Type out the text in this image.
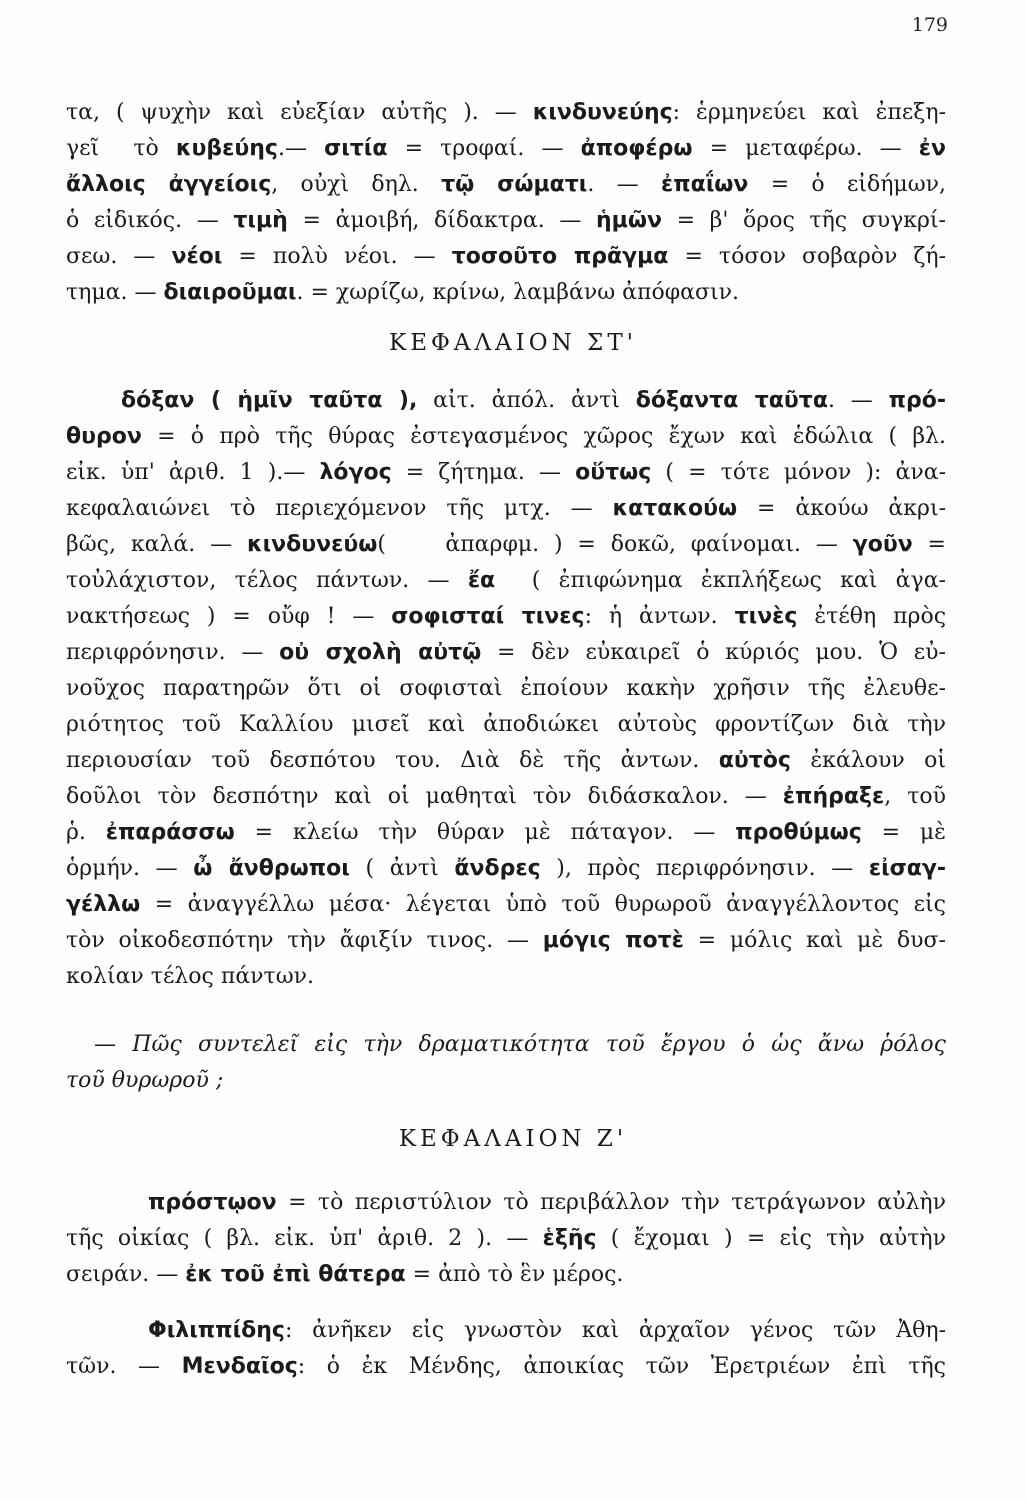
179
τα, ( ψυχὴν καὶ εὐεξίαν αὐτῆς ). — κινδυνεύης: ἑρμηνεύει καὶ ἐπεξη-
γεῖ  τὸ κυβεύης.— σιτία = τροφαί. — ἀποφέρω = μεταφέρω. — ἐν
ἄλλοις ἀγγείοις, οὐχὶ δηλ. τῷ σώματι. — ἐπαΐων = ὁ εἰδήμων,
ὁ εἰδικός. — τιμὴ = ἀμοιβή, δίδακτρα. — ἡμῶν = β' ὅρος τῆς συγκρί-
σεω. — νέοι = πολὺ νέοι. — τοσοῦτο πρᾶγμα = τόσον σοβαρὸν ζή-
τημα. — διαιροῦμαι. = χωρίζω, κρίνω, λαμβάνω ἀπόφασιν.
ΚΕΦΑΛΑΙΟΝ ΣΤ'
δόξαν ( ἡμῖν ταῦτα ), αἰτ. ἀπόλ. ἀντὶ δόξαντα ταῦτα. — πρό-
θυρον = ὁ πρὸ τῆς θύρας ἐστεγασμένος χῶρος ἔχων καὶ ἑδώλια ( βλ.
εἰκ. ὑπ' ἀριθ. 1 ).— λόγος = ζήτημα. — οὕτως ( = τότε μόνον ): ἀνα-
κεφαλαιώνει τὸ περιεχόμενον τῆς μτχ. — κατακούω = ἀκούω ἀκρι-
βῶς, καλά. — κινδυνεύω(    ἀπαρφμ. ) = δοκῶ, φαίνομαι. — γοῦν =
τοὐλάχιστον, τέλος πάντων. — ἔα  ( ἐπιφώνημα ἐκπλήξεως καὶ ἀγα-
νακτήσεως ) = οὔφ ! — σοφισταί τινες: ἡ ἀντων. τινὲς ἐτέθη πρὸς
περιφρόνησιν. — οὐ σχολὴ αὐτῷ = δὲν εὐκαιρεῖ ὁ κύριός μου. Ὁ εὐ-
νοῦχος παρατηρῶν ὅτι οἱ σοφισταὶ ἐποίουν κακὴν χρῆσιν τῆς ἐλευθε-
ριότητος τοῦ Καλλίου μισεῖ καὶ ἀποδιώκει αὐτοὺς φροντίζων διὰ τὴν
περιουσίαν τοῦ δεσπότου του. Διὰ δὲ τῆς ἀντων. αὐτὸς ἐκάλουν οἱ
δοῦλοι τὸν δεσπότην καὶ οἱ μαθηταὶ τὸν διδάσκαλον. — ἐπήραξε, τοῦ
ῥ. ἐπαράσσω = κλείω τὴν θύραν μὲ πάταγον. — προθύμως = μὲ
ὁρμήν. — ὦ ἄνθρωποι ( ἀντὶ ἄνδρες ), πρὸς περιφρόνησιν. — εἰσαγ-
γέλλω = ἀναγγέλλω μέσα· λέγεται ὑπὸ τοῦ θυρωροῦ ἀναγγέλλοντος εἰς
τὸν οἰκοδεσπότην τὴν ἄφιξίν τινος. — μόγις ποτὲ = μόλις καὶ μὲ δυσ-
κολίαν τέλος πάντων.
— Πῶς συντελεῖ εἰς τὴν δραματικότητα τοῦ ἔργου ὁ ὡς ἄνω ῥόλος
τοῦ θυρωροῦ ;
ΚΕΦΑΛΑΙΟΝ Ζ'
πρόστῳον = τὸ περιστύλιον τὸ περιβάλλον τὴν τετράγωνον αὐλὴν
τῆς οἰκίας ( βλ. εἰκ. ὑπ' ἀριθ. 2 ). — ἑξῆς ( ἔχομαι ) = εἰς τὴν αὐτὴν
σειράν. — ἐκ τοῦ ἐπὶ θάτερα = ἀπὸ τὸ ἓν μέρος.
Φιλιππίδης: ἀνῆκεν εἰς γνωστὸν καὶ ἀρχαῖον γένος τῶν Ἀθη-
τῶν. — Μενδαῖος: ὁ ἐκ Μένδης, ἀποικίας τῶν Ἐρετριέων ἐπὶ τῆς
